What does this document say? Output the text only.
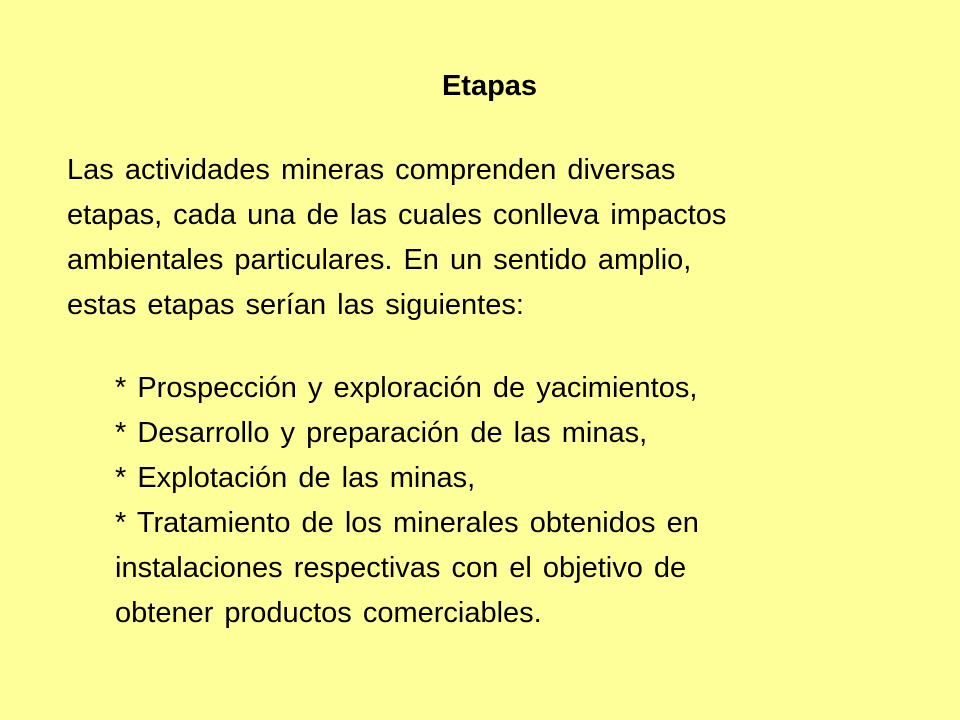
Etapas

Las actividades mineras comprenden diversas
etapas, cada una de las cuales conlleva impactos
ambientales particulares. En un sentido amplio,
estas etapas serían las siguientes:

* Prospección y exploración de yacimientos,
* Desarrollo y preparación de las minas,
* Explotación de las minas,
* Tratamiento de los minerales obtenidos en
instalaciones respectivas con el objetivo de
obtener productos comerciables.
